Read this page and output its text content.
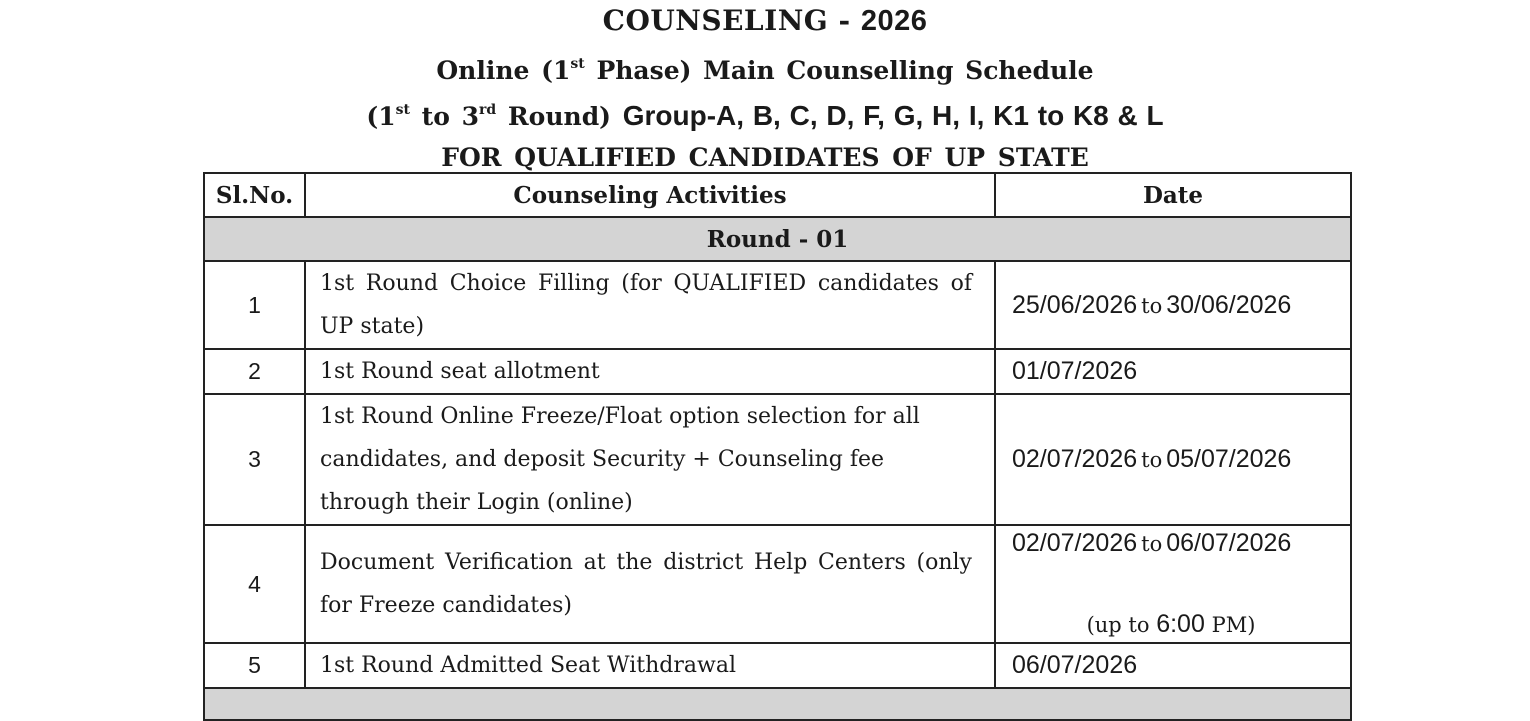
COUNSELING - 2026
Online (1st Phase) Main Counselling Schedule
(1st to 3rd Round) Group-A, B, C, D, F, G, H, I, K1 to K8 & L
FOR QUALIFIED CANDIDATES OF UP STATE
Sl.No.	Counseling Activities	Date
Round - 01		
1	1st Round Choice Filling (for QUALIFIED candidates of UP state)	25/06/2026 to 30/06/2026
2	1st Round seat allotment	01/07/2026
3	1st Round Online Freeze/Float option selection for all candidates, and deposit Security + Counseling fee through their Login (online)	02/07/2026 to 05/07/2026
4	Document Verification at the district Help Centers (only for Freeze candidates)	02/07/2026 to 06/07/2026
(up to 6:00 PM)

5	1st Round Admitted Seat Withdrawal	06/07/2026
